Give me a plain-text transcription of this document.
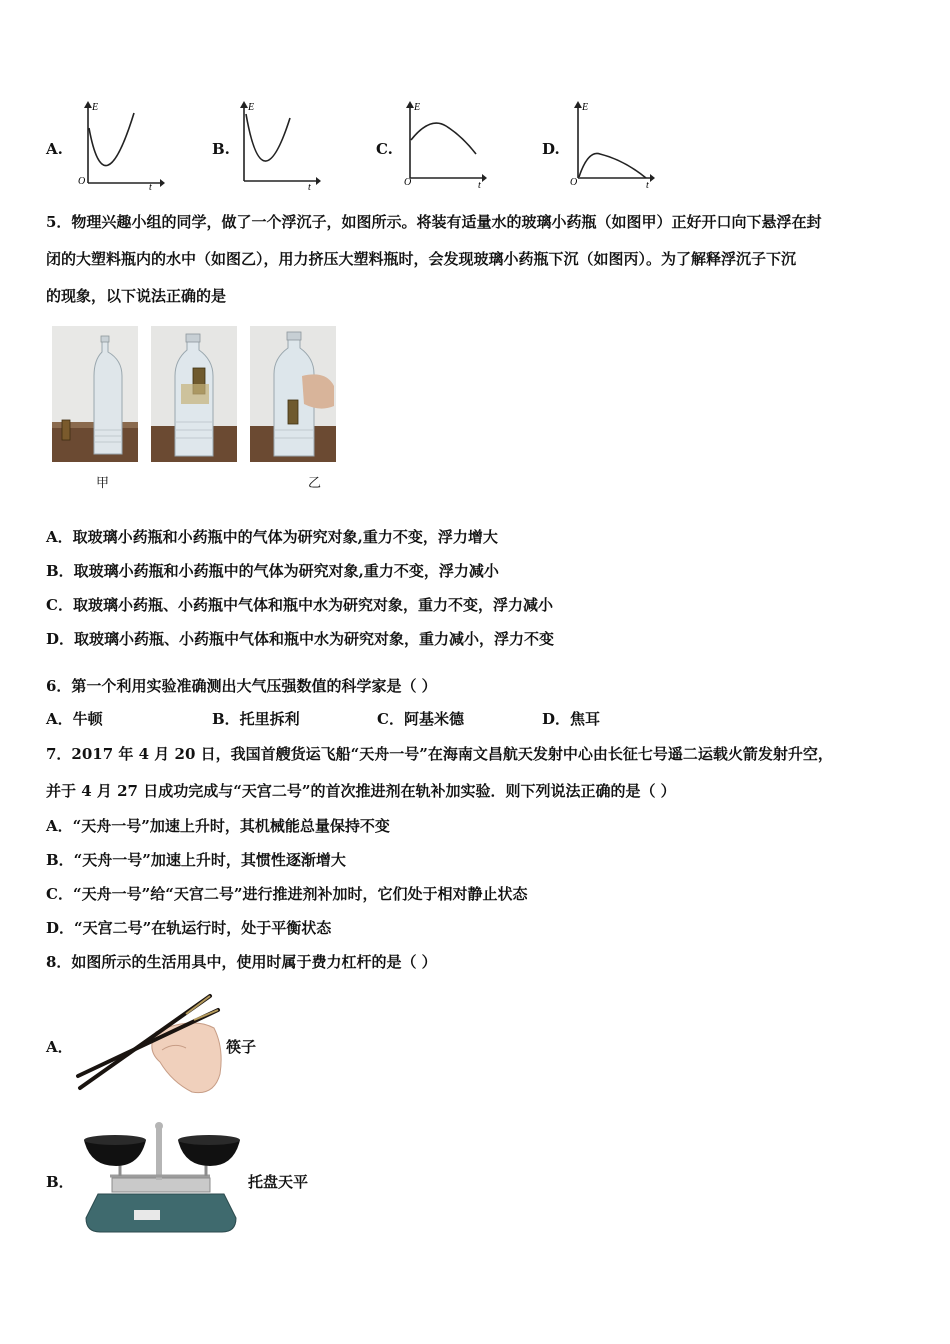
A.
E
t
O
B.
E
t
C.
E
t
O
D.
E
t
O
5．物理兴趣小组的同学，做了一个浮沉子，如图所示。将装有适量水的玻璃小药瓶（如图甲）正好开口向下悬浮在封
闭的大塑料瓶内的水中（如图乙），用力挤压大塑料瓶时，会发现玻璃小药瓶下沉（如图丙）。为了解释浮沉子下沉
的现象，以下说法正确的是
甲	乙
A．取玻璃小药瓶和小药瓶中的气体为研究对象,重力不变，浮力增大
B．取玻璃小药瓶和小药瓶中的气体为研究对象,重力不变，浮力减小
C．取玻璃小药瓶、小药瓶中气体和瓶中水为研究对象，重力不变，浮力减小
D．取玻璃小药瓶、小药瓶中气体和瓶中水为研究对象，重力减小，浮力不变
6．第一个利用实验准确测出大气压强数值的科学家是（ ）
A．牛顿	B．托里拆利	C．阿基米德	D．焦耳
7．2017 年 4 月 20 日，我国首艘货运飞船“天舟一号”在海南文昌航天发射中心由长征七号遥二运载火箭发射升空，
并于 4 月 27 日成功完成与“天宫二号”的首次推进剂在轨补加实验．则下列说法正确的是（ ）
A．“天舟一号”加速上升时，其机械能总量保持不变
B．“天舟一号”加速上升时，其惯性逐渐增大
C．“天舟一号”给“天宫二号”进行推进剂补加时，它们处于相对静止状态
D．“天宫二号”在轨运行时，处于平衡状态
8．如图所示的生活用具中，使用时属于费力杠杆的是（ ）
A．	筷子
B．	托盘天平
